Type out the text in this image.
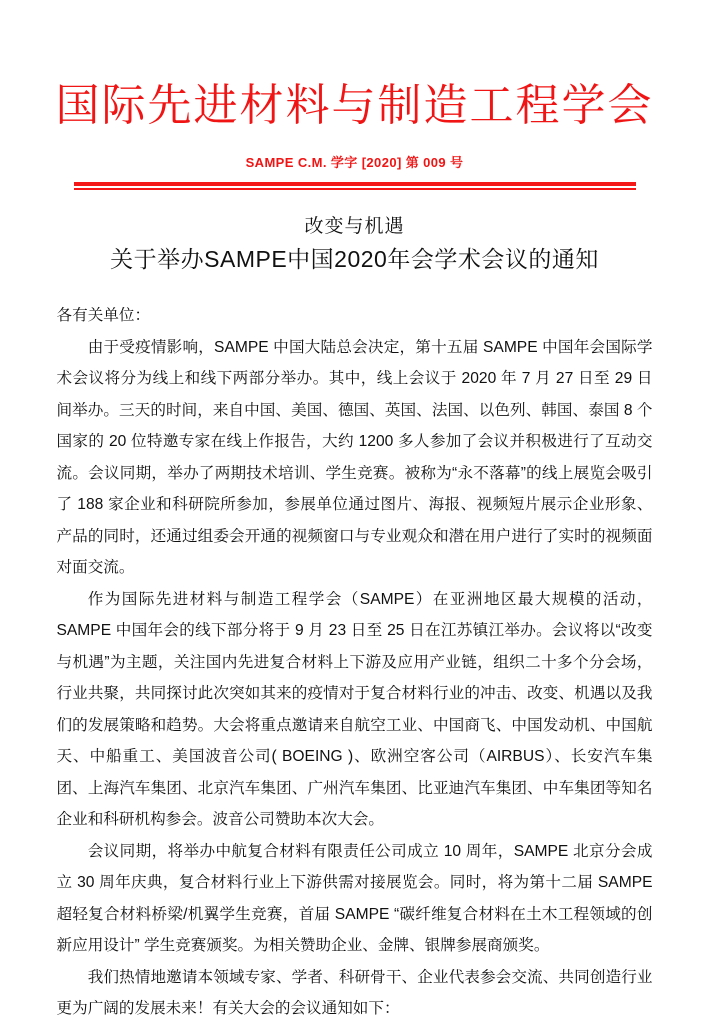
国际先进材料与制造工程学会
SAMPE C.M. 学字 [2020] 第 009 号
改变与机遇
关于举办SAMPE中国2020年会学术会议的通知

各有关单位：

由于受疫情影响，SAMPE 中国大陆总会决定，第十五届 SAMPE 中国年会国际学术会议将分为线上和线下两部分举办。其中，线上会议于 2020 年 7 月 27 日至 29 日间举办。三天的时间，来自中国、美国、德国、英国、法国、以色列、韩国、泰国 8 个国家的 20 位特邀专家在线上作报告，大约 1200 多人参加了会议并积极进行了互动交流。会议同期，举办了两期技术培训、学生竞赛。被称为“永不落幕”的线上展览会吸引了 188 家企业和科研院所参加，参展单位通过图片、海报、视频短片展示企业形象、产品的同时，还通过组委会开通的视频窗口与专业观众和潜在用户进行了实时的视频面对面交流。

作为国际先进材料与制造工程学会（SAMPE）在亚洲地区最大规模的活动，SAMPE 中国年会的线下部分将于 9 月 23 日至 25 日在江苏镇江举办。会议将以“改变与机遇”为主题，关注国内先进复合材料上下游及应用产业链，组织二十多个分会场，行业共聚，共同探讨此次突如其来的疫情对于复合材料行业的冲击、改变、机遇以及我们的发展策略和趋势。大会将重点邀请来自航空工业、中国商飞、中国发动机、中国航天、中船重工、美国波音公司( BOEING )、欧洲空客公司（AIRBUS）、长安汽车集团、上海汽车集团、北京汽车集团、广州汽车集团、比亚迪汽车集团、中车集团等知名企业和科研机构参会。波音公司赞助本次大会。

会议同期，将举办中航复合材料有限责任公司成立 10 周年，SAMPE 北京分会成立 30 周年庆典，复合材料行业上下游供需对接展览会。同时，将为第十二届 SAMPE 超轻复合材料桥梁/机翼学生竞赛，首届 SAMPE “碳纤维复合材料在土木工程领域的创新应用设计” 学生竞赛颁奖。为相关赞助企业、金牌、银牌参展商颁奖。

我们热情地邀请本领域专家、学者、科研骨干、企业代表参会交流、共同创造行业更为广阔的发展未来！有关大会的会议通知如下：
